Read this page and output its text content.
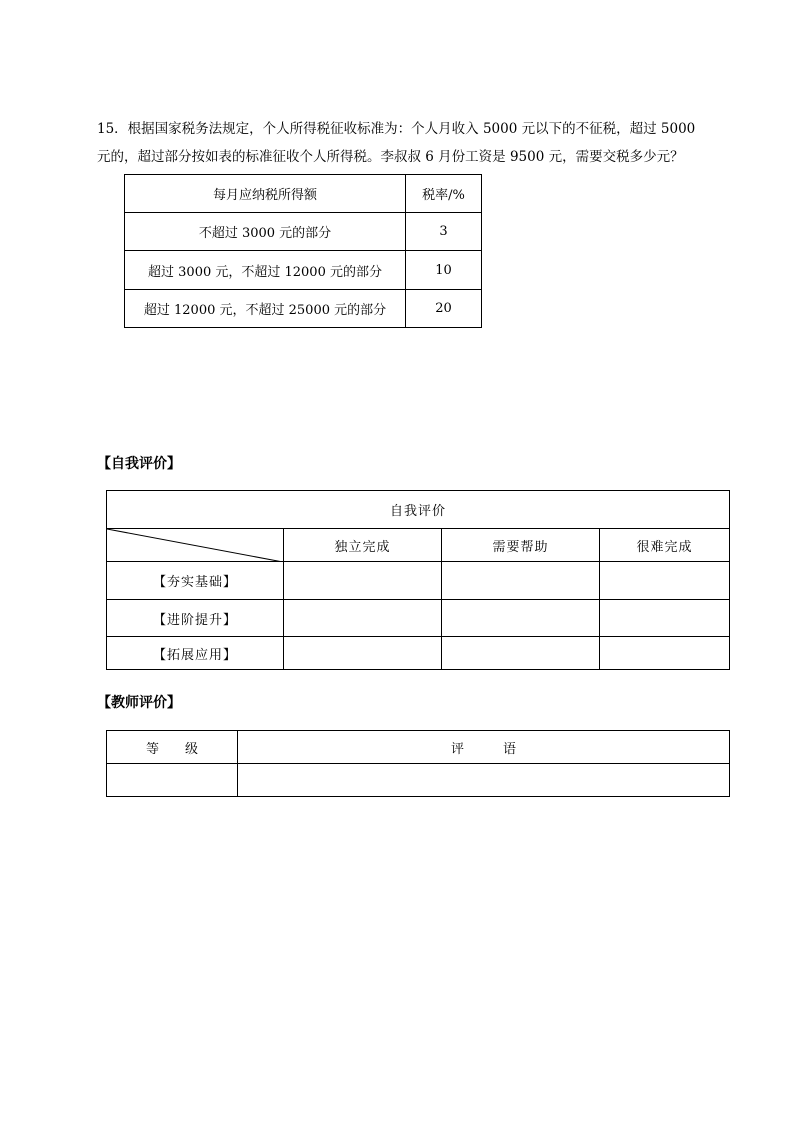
15．根据国家税务法规定，个人所得税征收标准为：个人月收入 5000 元以下的不征税，超过 5000
元的，超过部分按如表的标准征收个人所得税。李叔叔 6 月份工资是 9500 元，需要交税多少元？
每月应纳税所得额	税率/%
不超过 3000 元的部分	3
超过 3000 元，不超过 12000 元的部分	10
超过 12000 元，不超过 25000 元的部分	20
【自我评价】
自我评价			

	独立完成	需要帮助	很难完成
【夯实基础】			
【进阶提升】			
【拓展应用】			
【教师评价】
等　　级	评　　　语
